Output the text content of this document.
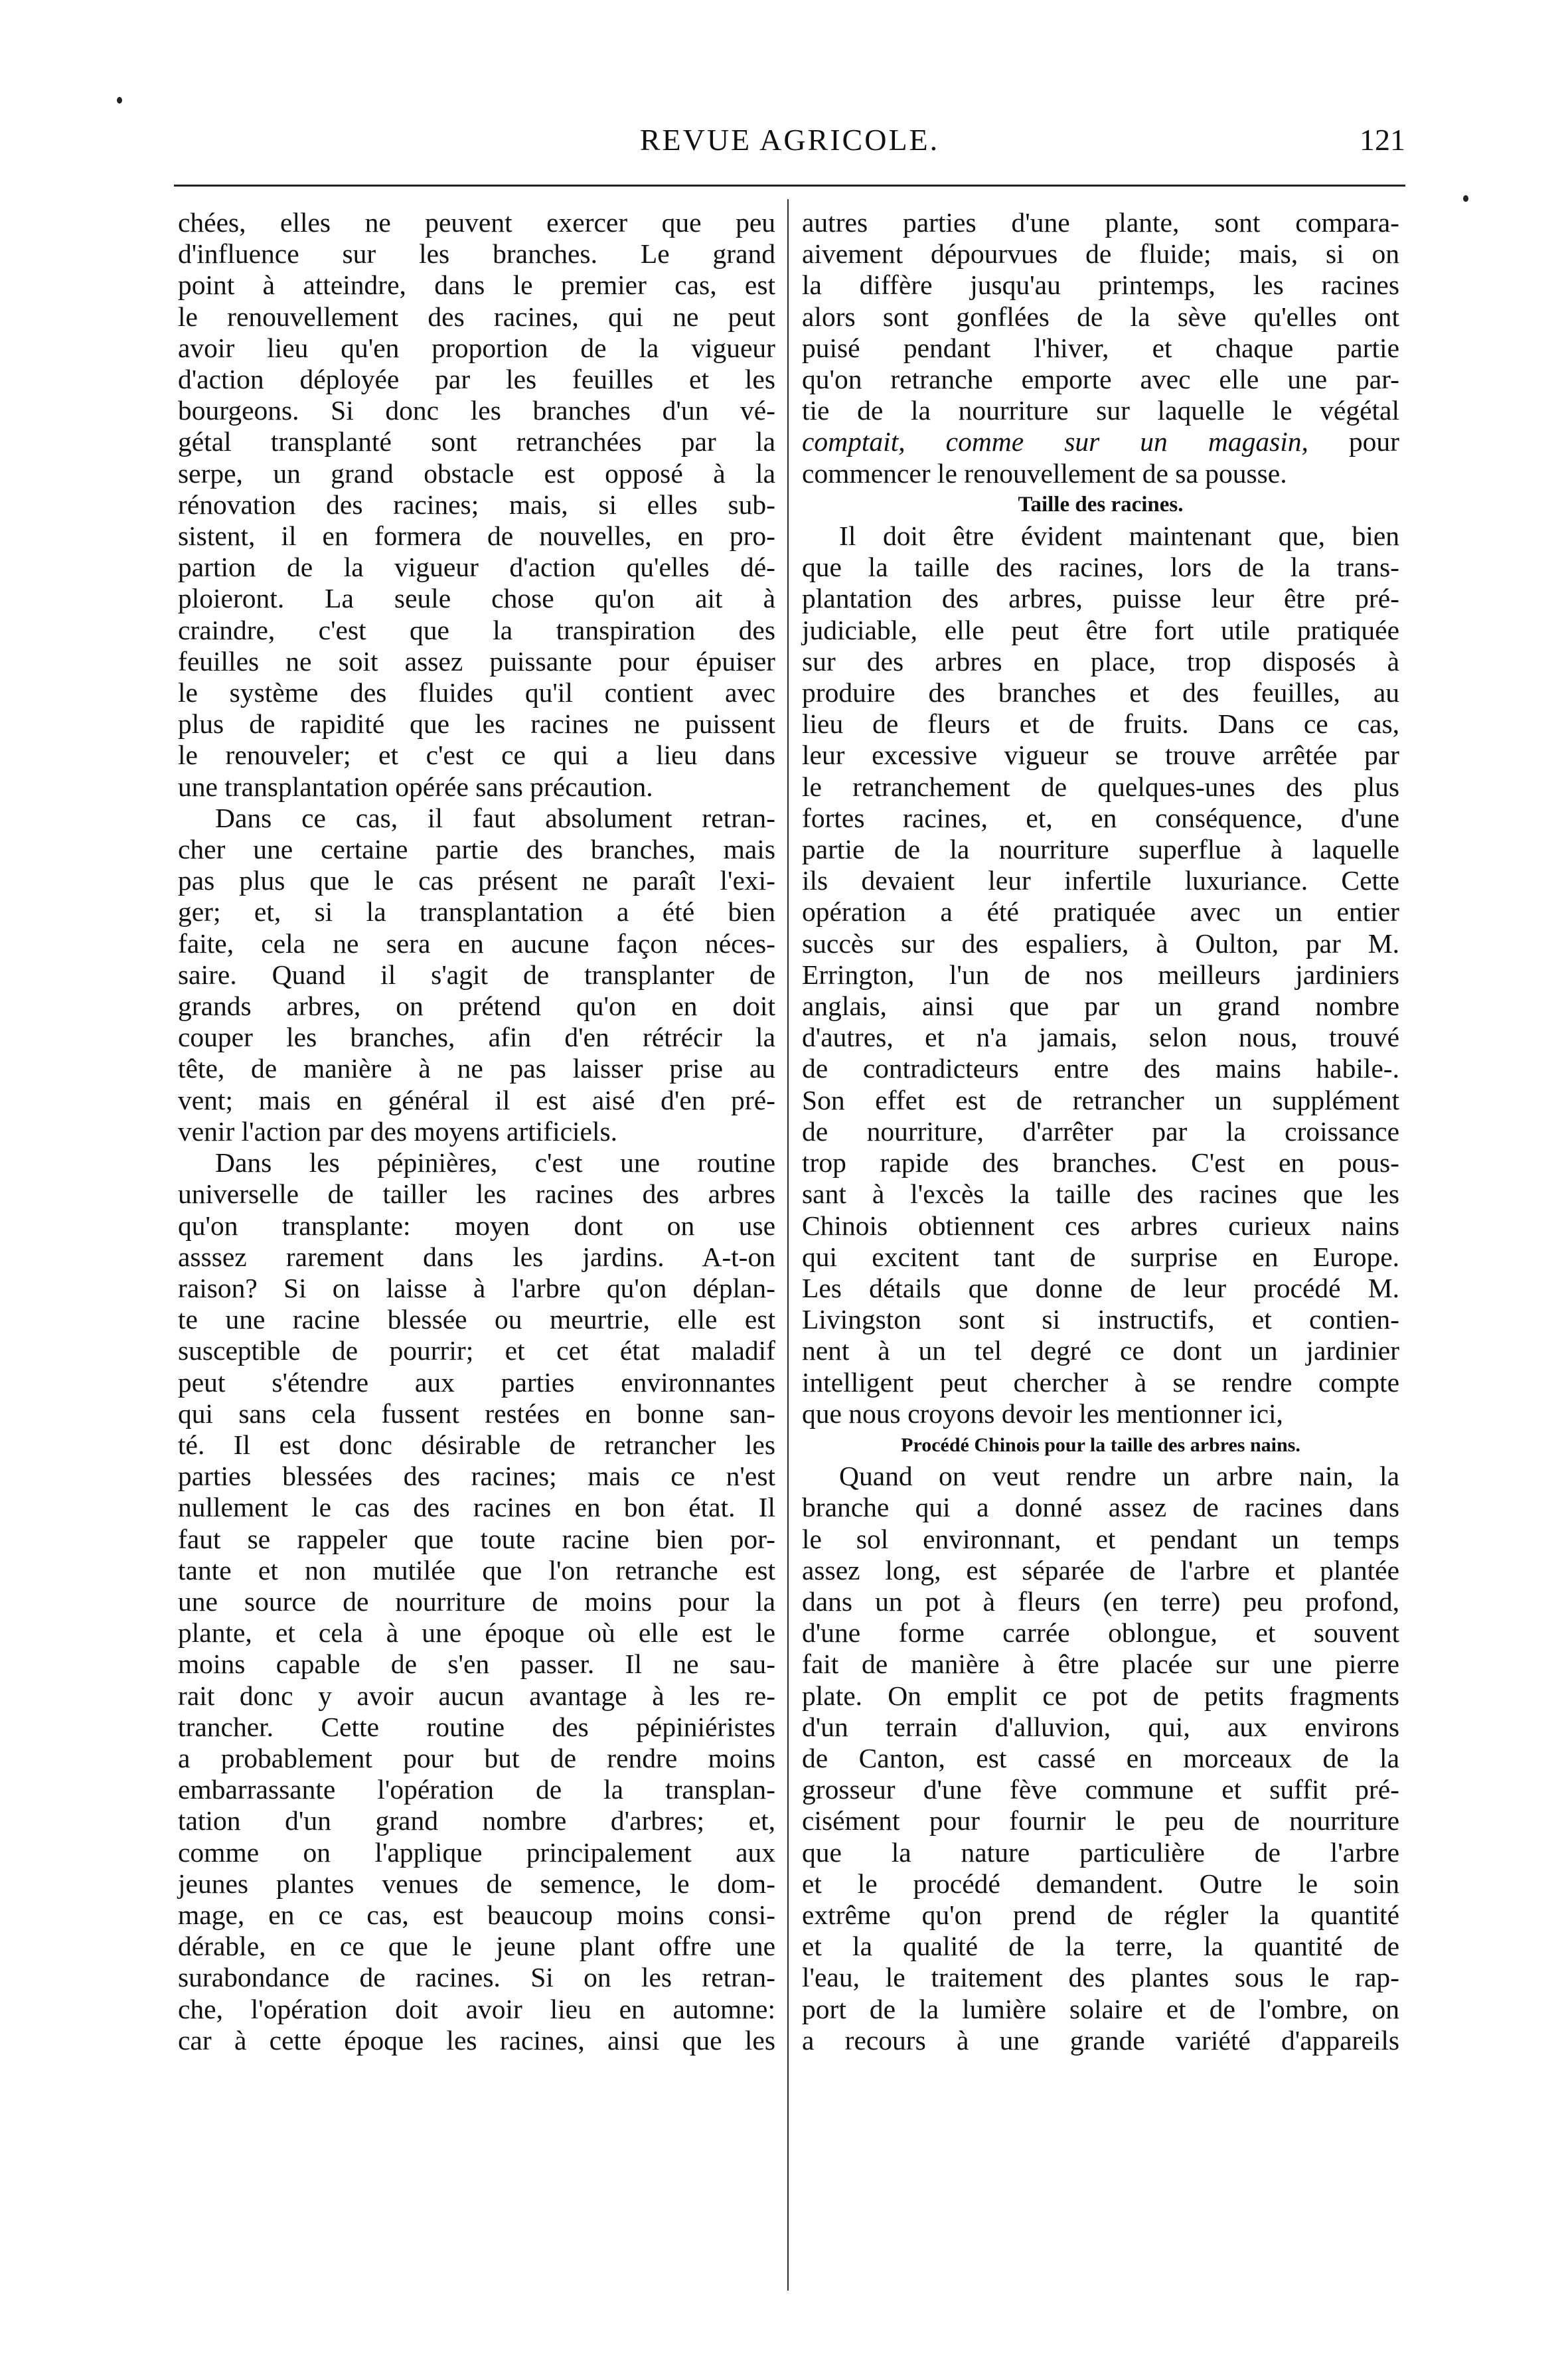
REVUE AGRICOLE.	121
chées, elles ne peuvent exercer que peu
d'influence sur les branches. Le grand
point à atteindre, dans le premier cas, est
le renouvellement des racines, qui ne peut
avoir lieu qu'en proportion de la vigueur
d'action déployée par les feuilles et les
bourgeons. Si donc les branches d'un vé-
gétal transplanté sont retranchées par la
serpe, un grand obstacle est opposé à la
rénovation des racines; mais, si elles sub-
sistent, il en formera de nouvelles, en pro-
partion de la vigueur d'action qu'elles dé-
ploieront. La seule chose qu'on ait à
craindre, c'est que la transpiration des
feuilles ne soit assez puissante pour épuiser
le système des fluides qu'il contient avec
plus de rapidité que les racines ne puissent
le renouveler; et c'est ce qui a lieu dans
une transplantation opérée sans précaution.
Dans ce cas, il faut absolument retran-
cher une certaine partie des branches, mais
pas plus que le cas présent ne paraît l'exi-
ger; et, si la transplantation a été bien
faite, cela ne sera en aucune façon néces-
saire. Quand il s'agit de transplanter de
grands arbres, on prétend qu'on en doit
couper les branches, afin d'en rétrécir la
tête, de manière à ne pas laisser prise au
vent; mais en général il est aisé d'en pré-
venir l'action par des moyens artificiels.
Dans les pépinières, c'est une routine
universelle de tailler les racines des arbres
qu'on transplante: moyen dont on use
asssez rarement dans les jardins. A-t-on
raison? Si on laisse à l'arbre qu'on déplan-
te une racine blessée ou meurtrie, elle est
susceptible de pourrir; et cet état maladif
peut s'étendre aux parties environnantes
qui sans cela fussent restées en bonne san-
té. Il est donc désirable de retrancher les
parties blessées des racines; mais ce n'est
nullement le cas des racines en bon état. Il
faut se rappeler que toute racine bien por-
tante et non mutilée que l'on retranche est
une source de nourriture de moins pour la
plante, et cela à une époque où elle est le
moins capable de s'en passer. Il ne sau-
rait donc y avoir aucun avantage à les re-
trancher. Cette routine des pépiniéristes
a probablement pour but de rendre moins
embarrassante l'opération de la transplan-
tation d'un grand nombre d'arbres; et,
comme on l'applique principalement aux
jeunes plantes venues de semence, le dom-
mage, en ce cas, est beaucoup moins consi-
dérable, en ce que le jeune plant offre une
surabondance de racines. Si on les retran-
che, l'opération doit avoir lieu en automne:
car à cette époque les racines, ainsi que les
autres parties d'une plante, sont compara-
aivement dépourvues de fluide; mais, si on
la diffère jusqu'au printemps, les racines
alors sont gonflées de la sève qu'elles ont
puisé pendant l'hiver, et chaque partie
qu'on retranche emporte avec elle une par-
tie de la nourriture sur laquelle le végétal
comptait, comme sur un magasin, pour
commencer le renouvellement de sa pousse.
Taille des racines.
Il doit être évident maintenant que, bien
que la taille des racines, lors de la trans-
plantation des arbres, puisse leur être pré-
judiciable, elle peut être fort utile pratiquée
sur des arbres en place, trop disposés à
produire des branches et des feuilles, au
lieu de fleurs et de fruits. Dans ce cas,
leur excessive vigueur se trouve arrêtée par
le retranchement de quelques-unes des plus
fortes racines, et, en conséquence, d'une
partie de la nourriture superflue à laquelle
ils devaient leur infertile luxuriance. Cette
opération a été pratiquée avec un entier
succès sur des espaliers, à Oulton, par M.
Errington, l'un de nos meilleurs jardiniers
anglais, ainsi que par un grand nombre
d'autres, et n'a jamais, selon nous, trouvé
de contradicteurs entre des mains habile-.
Son effet est de retrancher un supplément
de nourriture, d'arrêter par la croissance
trop rapide des branches. C'est en pous-
sant à l'excès la taille des racines que les
Chinois obtiennent ces arbres curieux nains
qui excitent tant de surprise en Europe.
Les détails que donne de leur procédé M.
Livingston sont si instructifs, et contien-
nent à un tel degré ce dont un jardinier
intelligent peut chercher à se rendre compte
que nous croyons devoir les mentionner ici,
Procédé Chinois pour la taille des arbres nains.
Quand on veut rendre un arbre nain, la
branche qui a donné assez de racines dans
le sol environnant, et pendant un temps
assez long, est séparée de l'arbre et plantée
dans un pot à fleurs (en terre) peu profond,
d'une forme carrée oblongue, et souvent
fait de manière à être placée sur une pierre
plate. On emplit ce pot de petits fragments
d'un terrain d'alluvion, qui, aux environs
de Canton, est cassé en morceaux de la
grosseur d'une fève commune et suffit pré-
cisément pour fournir le peu de nourriture
que la nature particulière de l'arbre
et le procédé demandent. Outre le soin
extrême qu'on prend de régler la quantité
et la qualité de la terre, la quantité de
l'eau, le traitement des plantes sous le rap-
port de la lumière solaire et de l'ombre, on
a recours à une grande variété d'appareils
